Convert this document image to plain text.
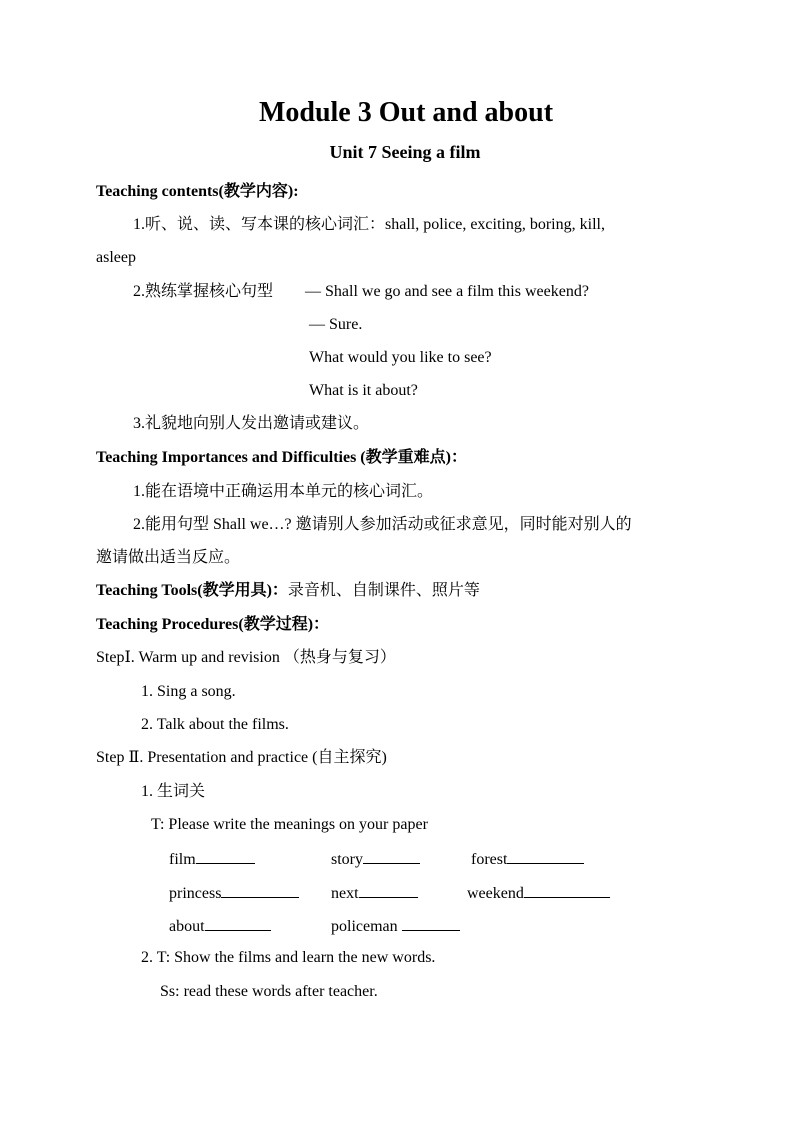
Module 3 Out and about
Unit 7 Seeing a film
Teaching contents(教学内容):
1.听、说、读、写本课的核心词汇：shall, police, exciting, boring, kill,
asleep
2.熟练掌握核心句型 — Shall we go and see a film this weekend?
— Sure.
What would you like to see?
What is it about?
3.礼貌地向别人发出邀请或建议。
Teaching Importances and Difficulties (教学重难点)：
1.能在语境中正确运用本单元的核心词汇。
2.能用句型 Shall we…? 邀请别人参加活动或征求意见，同时能对别人的
邀请做出适当反应。
Teaching Tools(教学用具)：录音机、自制课件、照片等
Teaching Procedures(教学过程)：
StepⅠ. Warm up and revision （热身与复习）
1. Sing a song.
2. Talk about the films.
Step Ⅱ. Presentation and practice (自主探究)
1. 生词关
T: Please write the meanings on your paper
film	story	forest
princess	next	weekend
about	policeman
2. T: Show the films and learn the new words.
Ss: read these words after teacher.
